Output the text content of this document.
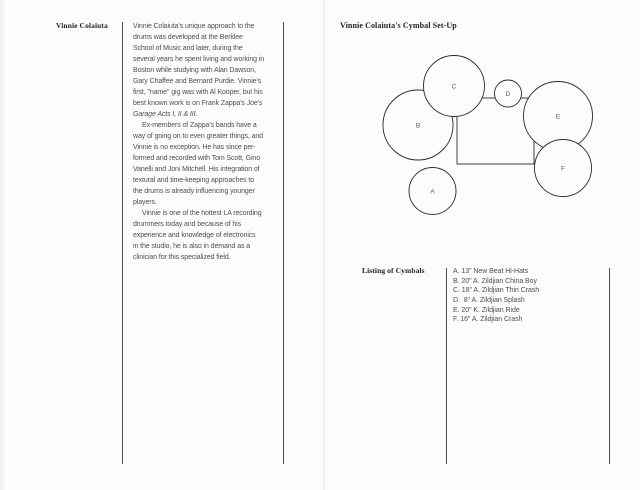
Vinnie Colaiuta	Vinnie Colaiuta's unique approach to the
drums was developed at the Berklee
School of Music and later, during the
several years he spent living and working in
Boston while studying with Alan Dawson,
Gary Chaffee and Bernard Purdie. Vinnie's
first, "name" gig was with Al Kooper, but his
best known work is on Frank Zappa's Joe's
Garage Acts I, II & III.
Ex-members of Zappa's bands have a
way of going on to even greater things, and
Vinnie is no exception. He has since per-
formed and recorded with Tom Scott, Gino
Vanelli and Joni Mitchell. His integration of
textural and time-keeping approaches to
the drums is already influencing younger
players.
Vinnie is one of the hottest LA recording
drummers today and because of his
experience and knowledge of electronics
in the studio, he is also in demand as a
clinician for this specialized field.
Vinnie Colaiuta's Cymbal Set-Up
B
C
D
E
F
A
Listing of Cymbals	A. 13" New Beat Hi-Hats
B. 20" A. Zildjian China Boy
C. 18" A. Zildjian Thin Crash
D.  8" A. Zildjian Splash
E. 20" K. Zildjian Ride
F. 16" A. Zildjian Crash
